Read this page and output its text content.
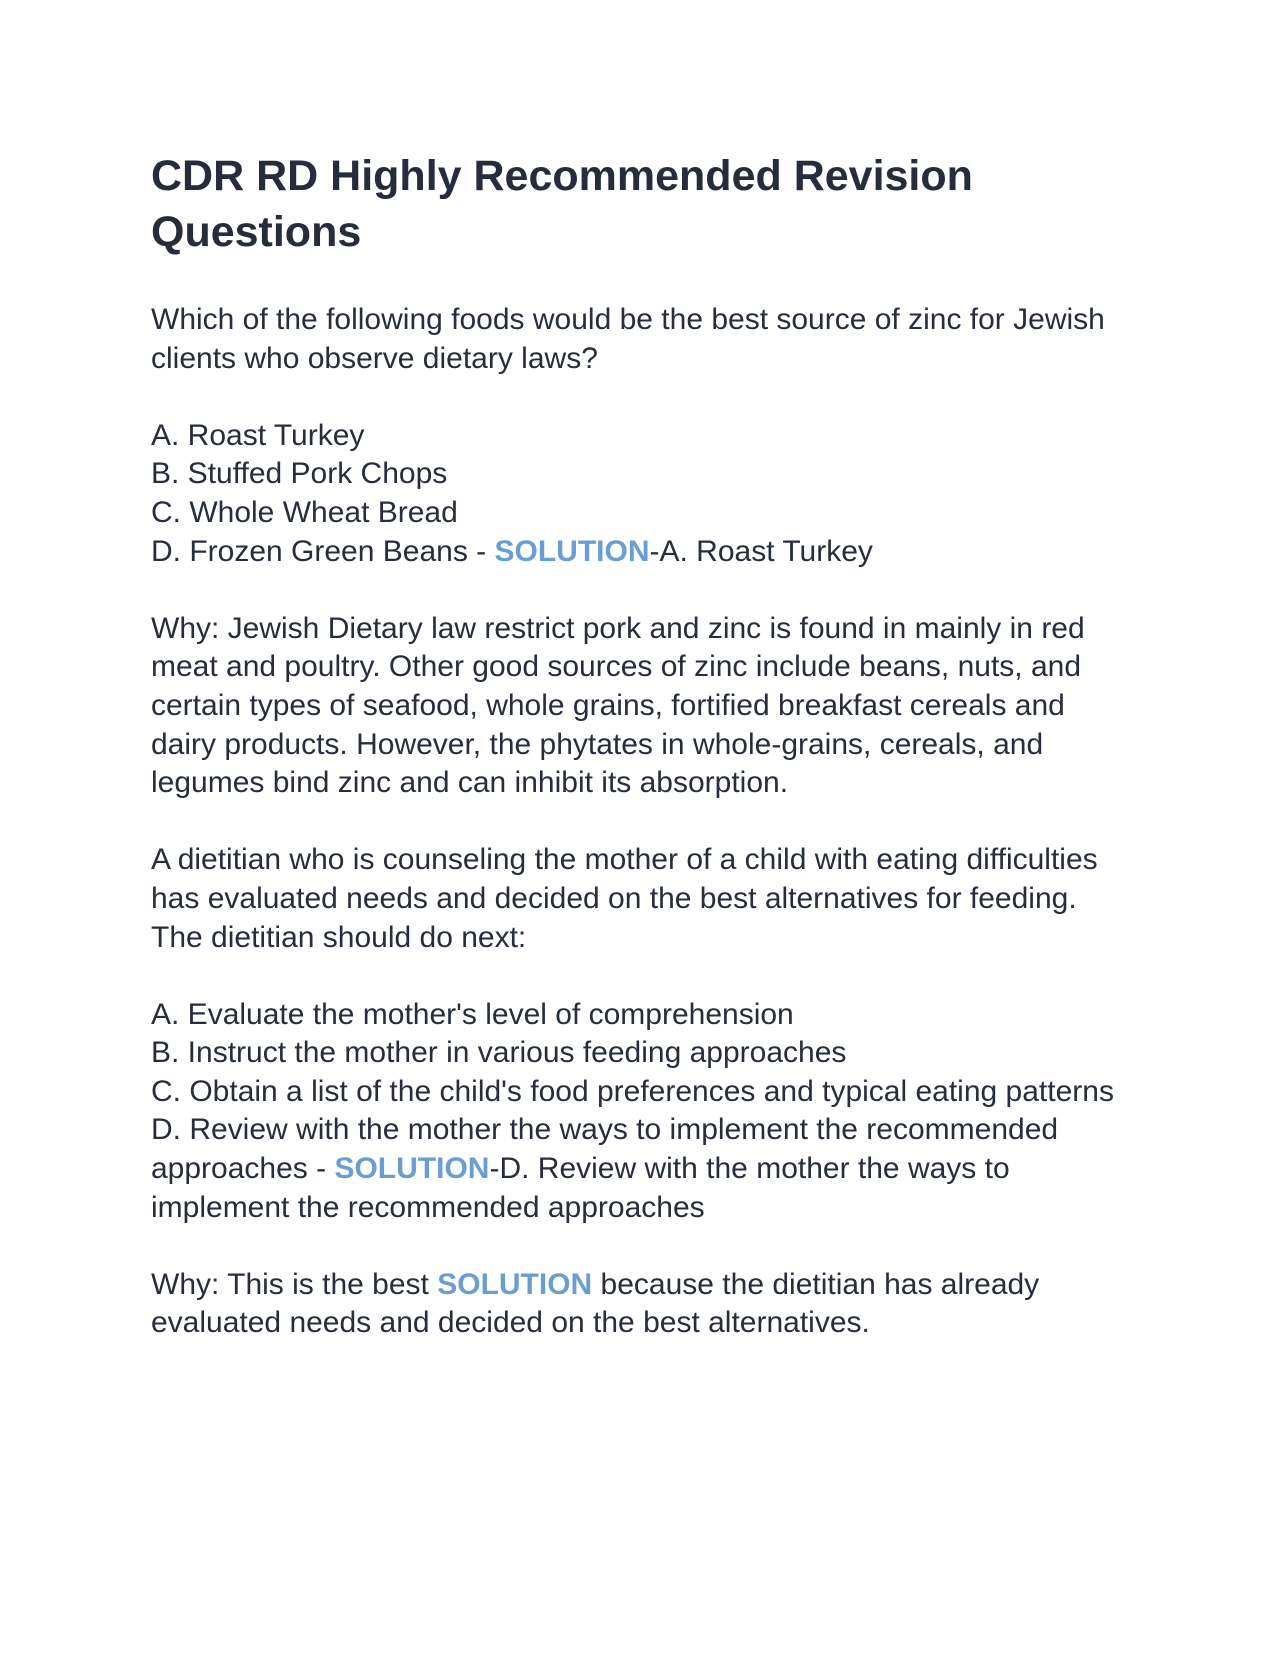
CDR RD Highly Recommended Revision Questions
Which of the following foods would be the best source of zinc for Jewish clients who observe dietary laws?
A. Roast Turkey
B. Stuffed Pork Chops
C. Whole Wheat Bread
D. Frozen Green Beans - SOLUTION-A. Roast Turkey
Why: Jewish Dietary law restrict pork and zinc is found in mainly in red meat and poultry. Other good sources of zinc include beans, nuts, and certain types of seafood, whole grains, fortified breakfast cereals and dairy products. However, the phytates in whole-grains, cereals, and legumes bind zinc and can inhibit its absorption.
A dietitian who is counseling the mother of a child with eating difficulties has evaluated needs and decided on the best alternatives for feeding. The dietitian should do next:
A. Evaluate the mother's level of comprehension
B. Instruct the mother in various feeding approaches
C. Obtain a list of the child's food preferences and typical eating patterns
D. Review with the mother the ways to implement the recommended approaches - SOLUTION-D. Review with the mother the ways to implement the recommended approaches
Why: This is the best SOLUTION because the dietitian has already evaluated needs and decided on the best alternatives.
